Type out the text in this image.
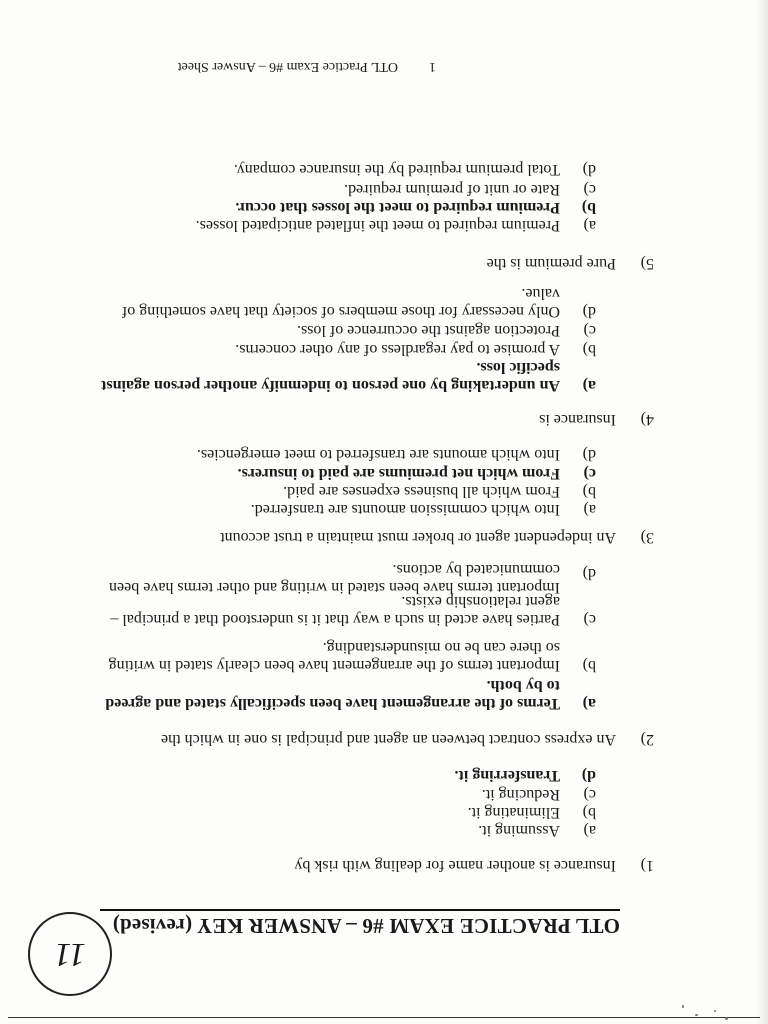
11
OTL PRACTICE EXAM #6 – ANSWER KEY (revised)
1)
Insurance is another name for dealing with risk by
a)
Assuming it.
b)
Eliminating it.
c)
Reducing it.
d)
Transferring it.
2)
An express contract between an agent and principal is one in which the
a)
Terms of the arrangement have been specifically stated and agreed to by both.
b)
Important terms of the arrangement have been clearly stated in writing so there can be no misunderstanding.
c)
Parties have acted in such a way that it is understood that a principal – agent relationship exists.
d)
Important terms have been stated in writing and other terms have been communicated by actions.
3)
An independent agent or broker must maintain a trust account
a)
Into which commission amounts are transferred.
b)
From which all business expenses are paid.
c)
From which net premiums are paid to insurers.
d)
Into which amounts are transferred to meet emergencies.
4)
Insurance is
a)
An undertaking by one person to indemnify another person against specific loss.
b)
A promise to pay regardless of any other concerns.
c)
Protection against the occurrence of loss.
d)
Only necessary for those members of society that have something of value.
5)
Pure premium is the
a)
Premium required to meet the inflated anticipated losses.
b)
Premium required to meet the losses that occur.
c)
Rate or unit of premium required.
d)
Total premium required by the insurance company.
1
OTL Practice Exam #6 – Answer Sheet
